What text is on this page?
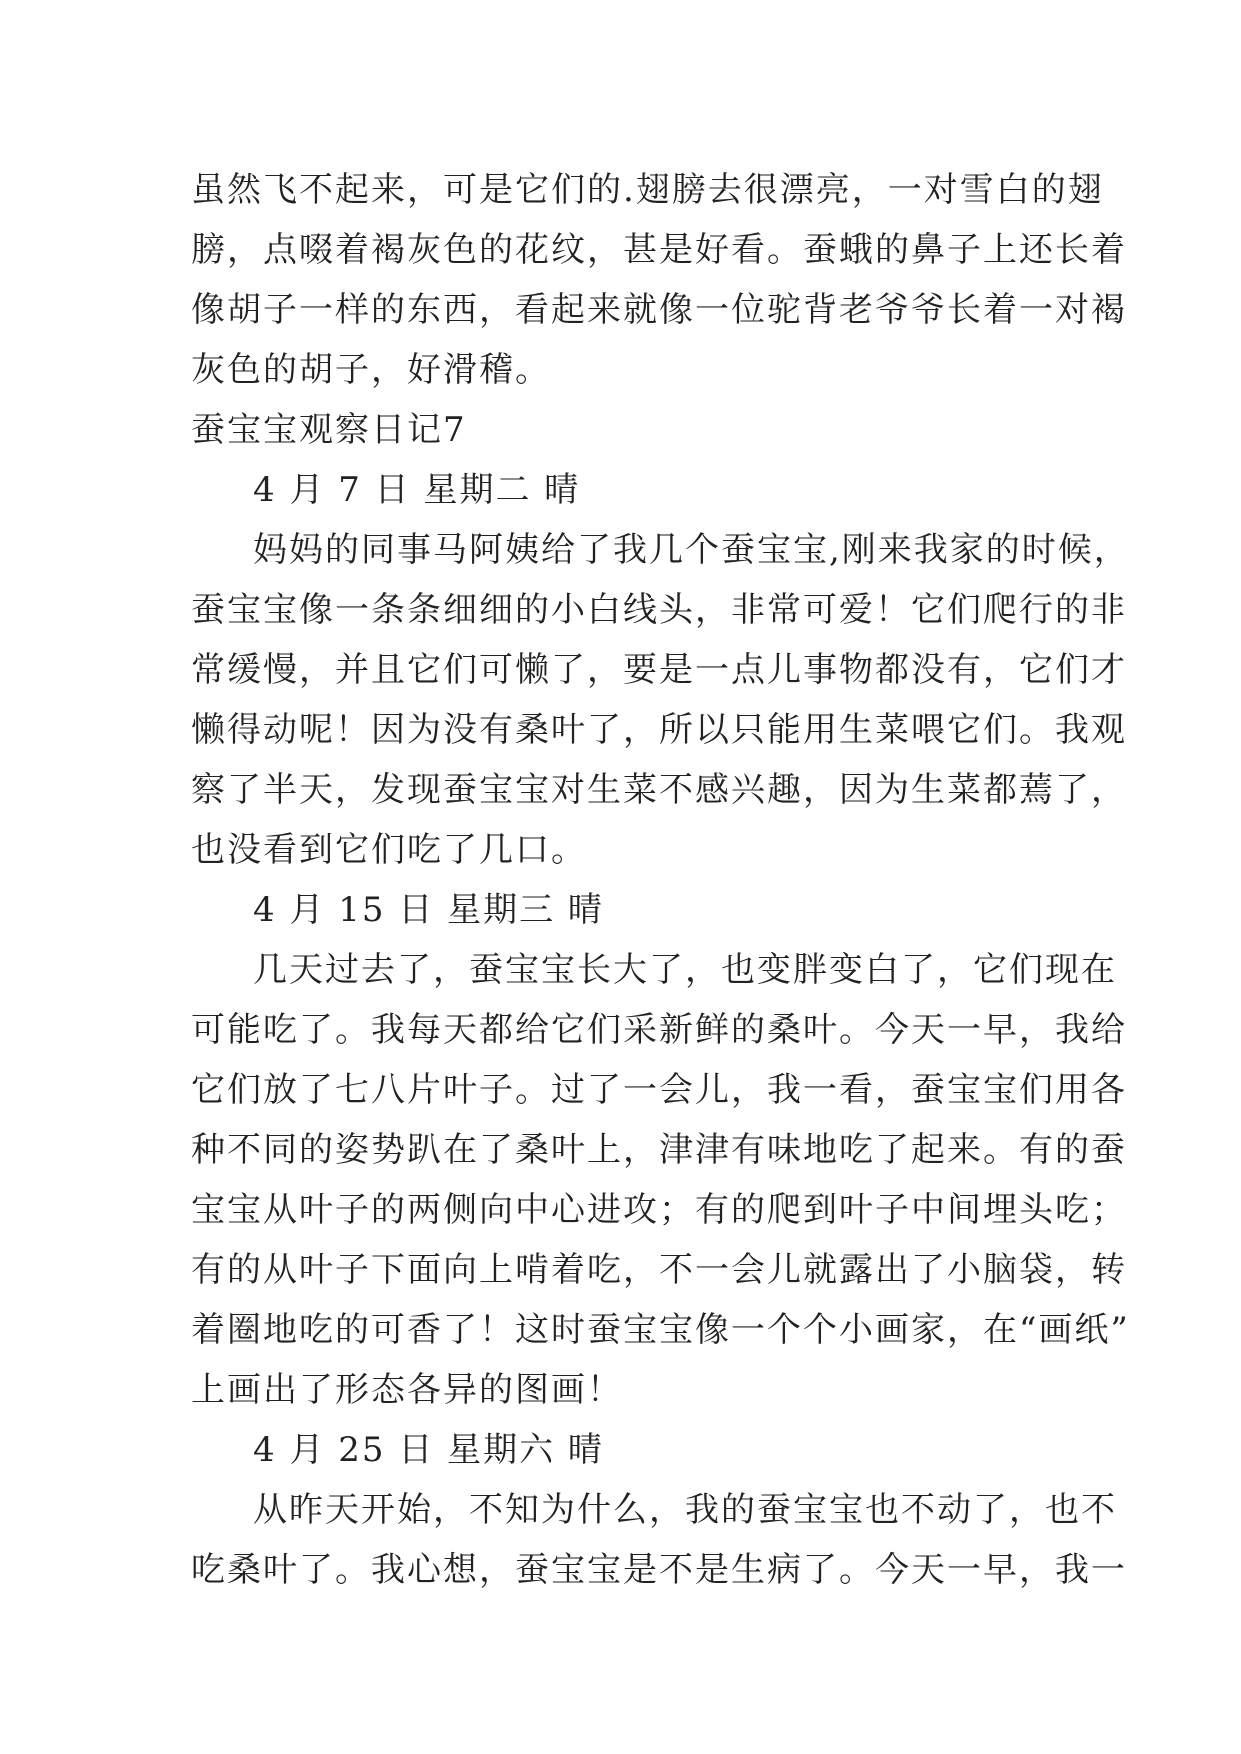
虽然飞不起来，可是它们的.翅膀去很漂亮，一对雪白的翅
膀，点啜着褐灰色的花纹，甚是好看。蚕蛾的鼻子上还长着
像胡子一样的东西，看起来就像一位驼背老爷爷长着一对褐
灰色的胡子，好滑稽。
蚕宝宝观察日记7
4 月 7 日 星期二 晴
妈妈的同事马阿姨给了我几个蚕宝宝,刚来我家的时候，
蚕宝宝像一条条细细的小白线头，非常可爱！它们爬行的非
常缓慢，并且它们可懒了，要是一点儿事物都没有，它们才
懒得动呢！因为没有桑叶了，所以只能用生菜喂它们。我观
察了半天，发现蚕宝宝对生菜不感兴趣，因为生菜都蔫了，
也没看到它们吃了几口。
4 月 15 日 星期三 晴
几天过去了，蚕宝宝长大了，也变胖变白了，它们现在
可能吃了。我每天都给它们采新鲜的桑叶。今天一早，我给
它们放了七八片叶子。过了一会儿，我一看，蚕宝宝们用各
种不同的姿势趴在了桑叶上，津津有味地吃了起来。有的蚕
宝宝从叶子的两侧向中心进攻；有的爬到叶子中间埋头吃；
有的从叶子下面向上啃着吃，不一会儿就露出了小脑袋，转
着圈地吃的可香了！这时蚕宝宝像一个个小画家，在“画纸”
上画出了形态各异的图画！
4 月 25 日 星期六 晴
从昨天开始，不知为什么，我的蚕宝宝也不动了，也不
吃桑叶了。我心想，蚕宝宝是不是生病了。今天一早，我一
